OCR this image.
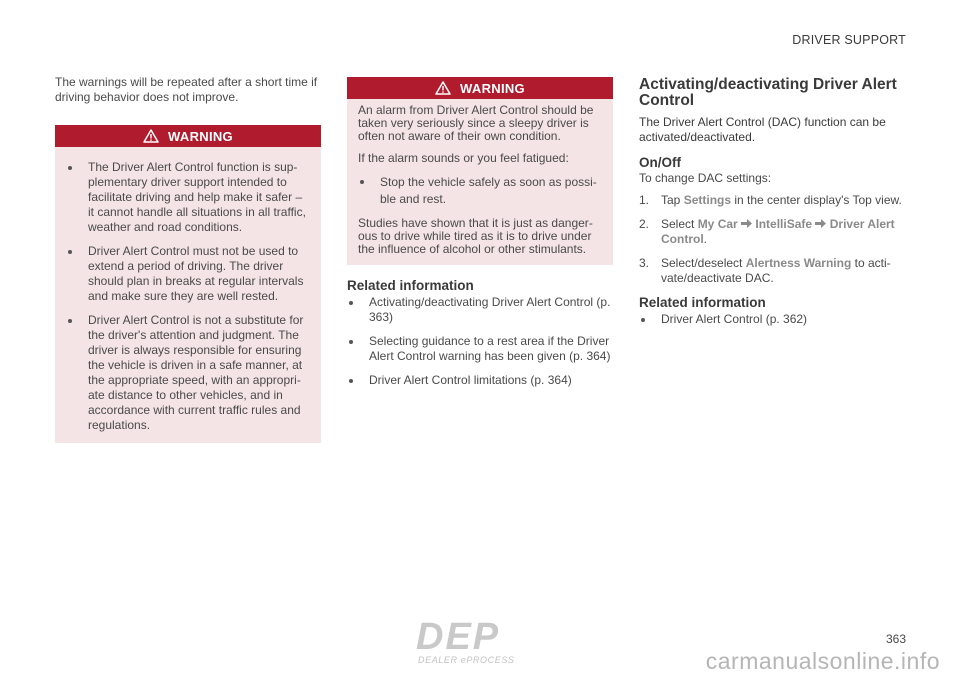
DRIVER SUPPORT

The warnings will be repeated after a short time if driving behavior does not improve.

WARNING
The Driver Alert Control function is supplementary driver support intended to facilitate driving and help make it safer – it cannot handle all situations in all traffic, weather and road conditions.
Driver Alert Control must not be used to extend a period of driving. The driver should plan in breaks at regular intervals and make sure they are well rested.
Driver Alert Control is not a substitute for the driver's attention and judgment. The driver is always responsible for ensuring the vehicle is driven in a safe manner, at the appropriate speed, with an appropriate distance to other vehicles, and in accordance with current traffic rules and regulations.
WARNING

An alarm from Driver Alert Control should be taken very seriously since a sleepy driver is often not aware of their own condition.

If the alarm sounds or you feel fatigued:

Stop the vehicle safely as soon as possible and rest.

Studies have shown that it is just as dangerous to drive while tired as it is to drive under the influence of alcohol or other stimulants.

Related information
Activating/deactivating Driver Alert Control (p. 363)
Selecting guidance to a rest area if the Driver Alert Control warning has been given (p. 364)
Driver Alert Control limitations (p. 364)
Activating/deactivating Driver Alert Control

The Driver Alert Control (DAC) function can be activated/deactivated.

On/Off

To change DAC settings:

1. Tap Settings in the center display's Top view.
2. Select My Car IntelliSafe Driver Alert Control.
3. Select/deselect Alertness Warning to activate/deactivate DAC.
Related information
Driver Alert Control (p. 362)
DEP
DEALER ePROCESS
363
carmanualsonline.info
